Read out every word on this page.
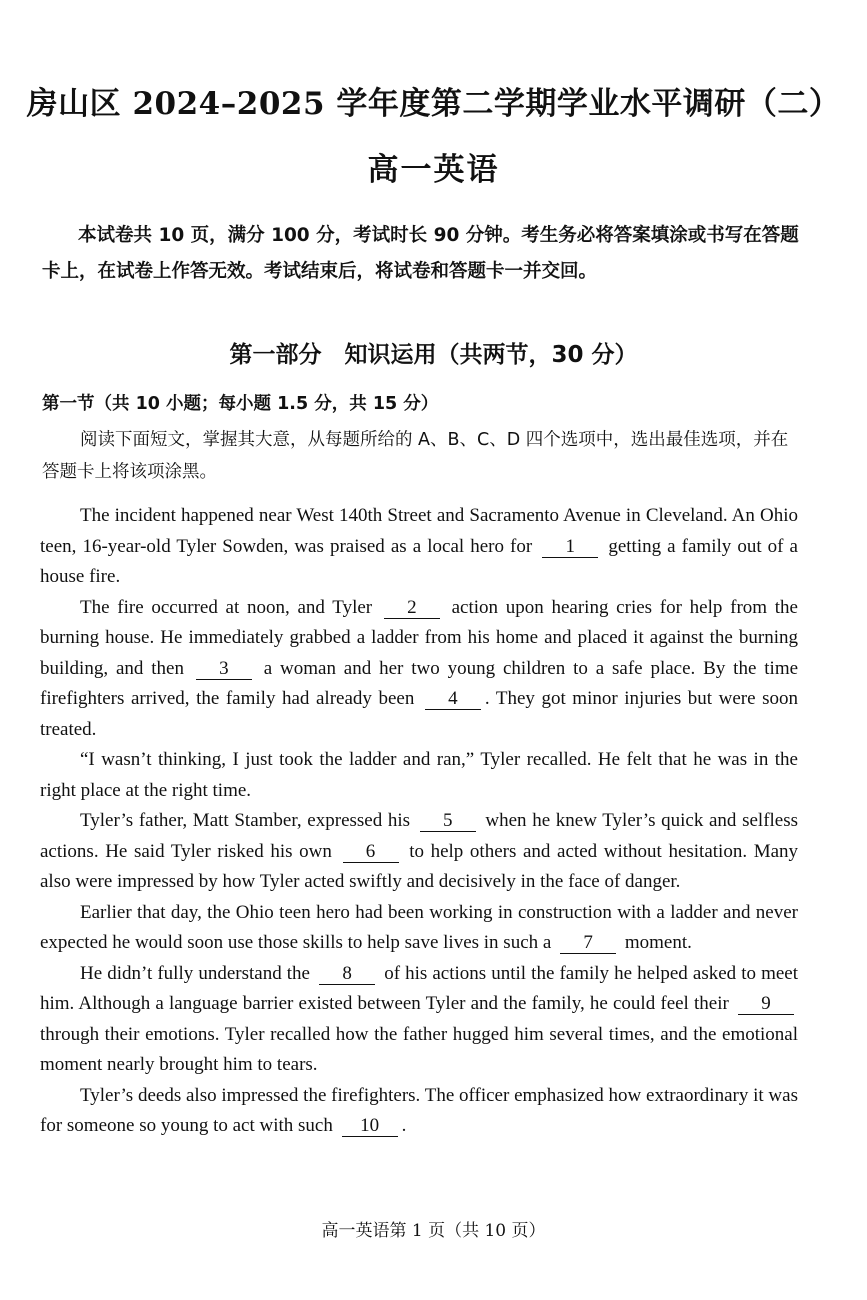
房山区 2024–2025 学年度第二学期学业水平调研（二）
高一英语
本试卷共 10 页，满分 100 分，考试时长 90 分钟。考生务必将答案填涂或书写在答题卡上，在试卷上作答无效。考试结束后，将试卷和答题卡一并交回。
第一部分　知识运用（共两节，30 分）
第一节（共 10 小题；每小题 1.5 分，共 15 分）
阅读下面短文，掌握其大意，从每题所给的 A、B、C、D 四个选项中，选出最佳选项，并在答题卡上将该项涂黑。

The incident happened near West 140th Street and Sacramento Avenue in Cleveland. An Ohio teen, 16-year-old Tyler Sowden, was praised as a local hero for 1 getting a family out of a house fire.

The fire occurred at noon, and Tyler 2 action upon hearing cries for help from the burning house. He immediately grabbed a ladder from his home and placed it against the burning building, and then 3 a woman and her two young children to a safe place. By the time firefighters arrived, the family had already been 4 . They got minor injuries but were soon treated.

“I wasn’t thinking, I just took the ladder and ran,” Tyler recalled. He felt that he was in the right place at the right time.

Tyler’s father, Matt Stamber, expressed his 5 when he knew Tyler’s quick and selfless actions. He said Tyler risked his own 6 to help others and acted without hesitation. Many also were impressed by how Tyler acted swiftly and decisively in the face of danger.

Earlier that day, the Ohio teen hero had been working in construction with a ladder and never expected he would soon use those skills to help save lives in such a 7 moment.

He didn’t fully understand the 8 of his actions until the family he helped asked to meet him. Although a language barrier existed between Tyler and the family, he could feel their 9 through their emotions. Tyler recalled how the father hugged him several times, and the emotional moment nearly brought him to tears.

Tyler’s deeds also impressed the firefighters. The officer emphasized how extraordinary it was for someone so young to act with such 10 .

高一英语第 1 页（共 10 页）
